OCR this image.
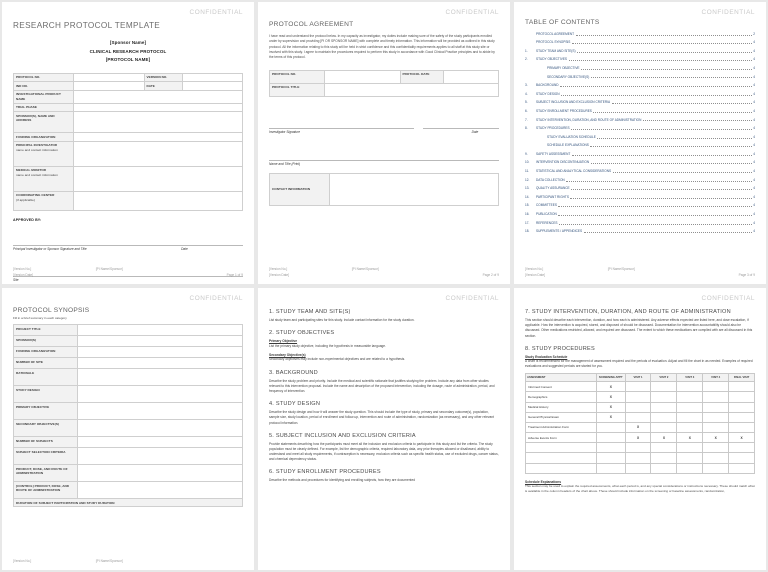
CONFIDENTIAL
RESEARCH PROTOCOL TEMPLATE
[Sponsor Name]
CLINICAL RESEARCH PROTOCOL
[PROTOCOL NAME]
PROTOCOL NO.		VERSION NO.	
IND NO.		DATE	
INVESTIGATIONAL PRODUCT NAME			
TRIAL PHASE			
SPONSOR(S), NAME AND ADDRESS			
FUNDING ORGANIZATION			
PRINCIPAL INVESTIGATOR
name and contact information			

MEDICAL MONITOR
name and contact information			

COORDINATING CENTER
(if applicable)			

APPROVED BY:
Principal Investigator or Sponsor Signature and Title	Date
Site
[Version No.]	[PI Name/Sponsor]
[Version Date]	Page 1 of 9
CONFIDENTIAL
PROTOCOL AGREEMENT
I have read and understand the protocol below. In my capacity as investigator, my duties include making sure of the safety of the study participants enrolled under by supervision and providing [PI OR SPONSOR NAME] with complete and timely information. This information will be provided as outlined in this study protocol. All the information relating to this study will be held in strict confidence and this confidentiality requirements applies to all staff at this study site or involved with this study. I agree to maintain the procedures required to perform this study in accordance with Good Clinical Practice principles and to abide by the terms of this protocol.
PROTOCOL NO.		PROTOCOL DATE	
PROTOCOL TITLE			
Investigator Signature	Date
Name and Title (Print)
CONTACT INFORMATION	
[Version No.]	[PI Name/Sponsor]
[Version Date]	Page 2 of 9
CONFIDENTIAL
TABLE OF CONTENTS
PROTOCOL AGREEMENT	2
PROTOCOL SYNOPSIS	4
1.	STUDY TEAM AND SITE(S)	4
2.	STUDY OBJECTIVES	4
PRIMARY OBJECTIVE	4
SECONDARY OBJECTIVE(S)	4
3.	BACKGROUND	4
4.	STUDY DESIGN	4
5.	SUBJECT INCLUSION AND EXCLUSION CRITERIA	4
6.	STUDY ENROLLMENT PROCEDURES	4
7.	STUDY INTERVENTION, DURATION, AND ROUTE OF ADMINISTRATION	4
8.	STUDY PROCEDURES	4
STUDY EVALUATION SCHEDULE	4
SCHEDULE EXPLANATIONS	4
9.	SAFETY ASSESSMENT	4
10.	INTERVENTION DISCONTINUATION	4
11.	STATISTICAL AND ANALYTICAL CONSIDERATIONS	4
12.	DATA COLLECTION	4
13.	QUALITY ASSURANCE	4
14.	PARTICIPANT RIGHTS	4
15.	COMMITTEES	4
16.	PUBLICATION	4
17.	REFERENCES	4
18.	SUPPLEMENTS / APPENDICES	4
[Version No.]	[PI Name/Sponsor]
[Version Date]	Page 3 of 9
CONFIDENTIAL
PROTOCOL SYNOPSIS
Fill in a brief summary in each category
PROJECT TITLE	
SPONSOR(S)	
FUNDING ORGANIZATION	
NUMBER OF SITE	
RATIONALE	
STUDY DESIGN	
PRIMARY OBJECTIVE	
SECONDARY OBJECTIVE(S)	
NUMBER OF SUBJECTS	
SUBJECT SELECTION CRITERIA	
PRODUCT, DOSE, AND ROUTE OF ADMINISTRATION	
[CONTROL] PRODUCT, DOSE, AND ROUTE OF ADMINISTRATION	
DURATION OF SUBJECT PARTICIPATION AND STUDY DURATION	
[Version No.]	[PI Name/Sponsor]
CONFIDENTIAL
1. STUDY TEAM AND SITE(S)
List study team and participating sites for this study. Include contact information for the study duration.
2. STUDY OBJECTIVES
Primary Objective
List the primary study objective, including the hypothesis in measurable language.
Secondary Objective(s)
Secondary objectives may include non-experimental objectives and are related to a hypothesis.
3. BACKGROUND
Describe the study problem and priority. Include the medical and scientific rationale that justifies studying the problem. Include any data from other studies relevant to this intervention proposal. Include the name and description of the proposed intervention, including the dosage, route of administration, period, and frequency of intervention.
4. STUDY DESIGN
Describe the study design and how it will answer the study question. This should include the type of study, primary and secondary outcome(s), population, sample size, study location, period of enrollment and follow-up, intervention and route of administration, randomization (as necessary), and any other relevant protocol information.
5. SUBJECT INCLUSION AND EXCLUSION CRITERIA
Provide statements describing how the participants must meet all the inclusion and exclusion criteria to participate in this study and list the criteria. The study population must be clearly defined. For example, list the demographic criteria, required laboratory data, any prior therapies allowed or disallowed, ability to understand and meet all study requirements, if contraception is necessary, exclusion criteria such as specific health status, use of excluded drugs, cancer status, and chemical dependency status.
6. STUDY ENROLLMENT PROCEDURES
Describe the methods and procedures for identifying and enrolling subjects, how they are documented
CONFIDENTIAL
7. STUDY INTERVENTION, DURATION, AND ROUTE OF ADMINISTRATION
This section should describe each intervention, duration, and how each is administered. Any adverse effects expected are listed here, and dose escalation, if applicable. How the intervention is acquired, stored, and disposed of should be discussed. Documentation for intervention accountability should also be discussed. Other medications restricted, allowed, and required are discussed. The extent to which these medications are complied with are all discussed in this section.
8. STUDY PROCEDURES
Study Evaluation Schedule
A chart is recommended for the management of assessment required and the periods of evaluation. Adjust and fill the chart in as needed. Examples of required evaluations and suggested periods are started for you.
ASSESSMENT	SCREENING APPT	VISIT 1	VISIT 2	VISIT 3	VISIT 4	FINAL VISIT
Informed Consent	X					
Demographics	X					
Medical History	X					
General Physical Exam	X					
Treatment Administration Form		X				
Adverse Events Form		X	X	X	X	X

Schedule Explanations
This section may be used to explain the required assessments, what each period is, and any special considerations or instructions necessary. These should match what is available in the column headers of the chart above. These should include information on the screening or baseline assessments, randomization,
